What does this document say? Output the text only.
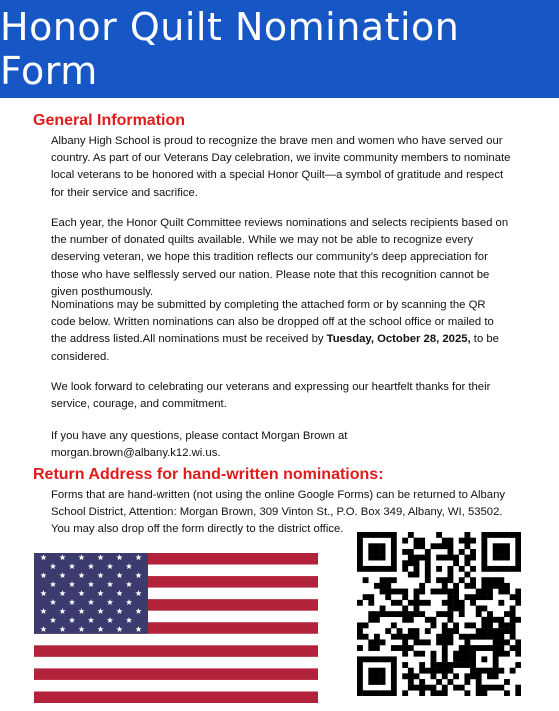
Honor Quilt Nomination Form
General Information

Albany High School is proud to recognize the brave men and women who have served our country. As part of our Veterans Day celebration, we invite community members to nominate local veterans to be honored with a special Honor Quilt—a symbol of gratitude and respect for their service and sacrifice.

Each year, the Honor Quilt Committee reviews nominations and selects recipients based on the number of donated quilts available. While we may not be able to recognize every deserving veteran, we hope this tradition reflects our community’s deep appreciation for those who have selflessly served our nation. Please note that this recognition cannot be given posthumously.

Nominations may be submitted by completing the attached form or by scanning the QR code below. Written nominations can also be dropped off at the school office or mailed to the address listed.All nominations must be received by Tuesday, October 28, 2025, to be considered.

We look forward to celebrating our veterans and expressing our heartfelt thanks for their service, courage, and commitment.

If you have any questions, please contact Morgan Brown at morgan.brown@albany.k12.wi.us.

Return Address for hand-written nominations:

Forms that are hand-written (not using the online Google Forms) can be returned to Albany School District, Attention: Morgan Brown, 309 Vinton St., P.O. Box 349, Albany, WI, 53502. You may also drop off the form directly to the district office.
